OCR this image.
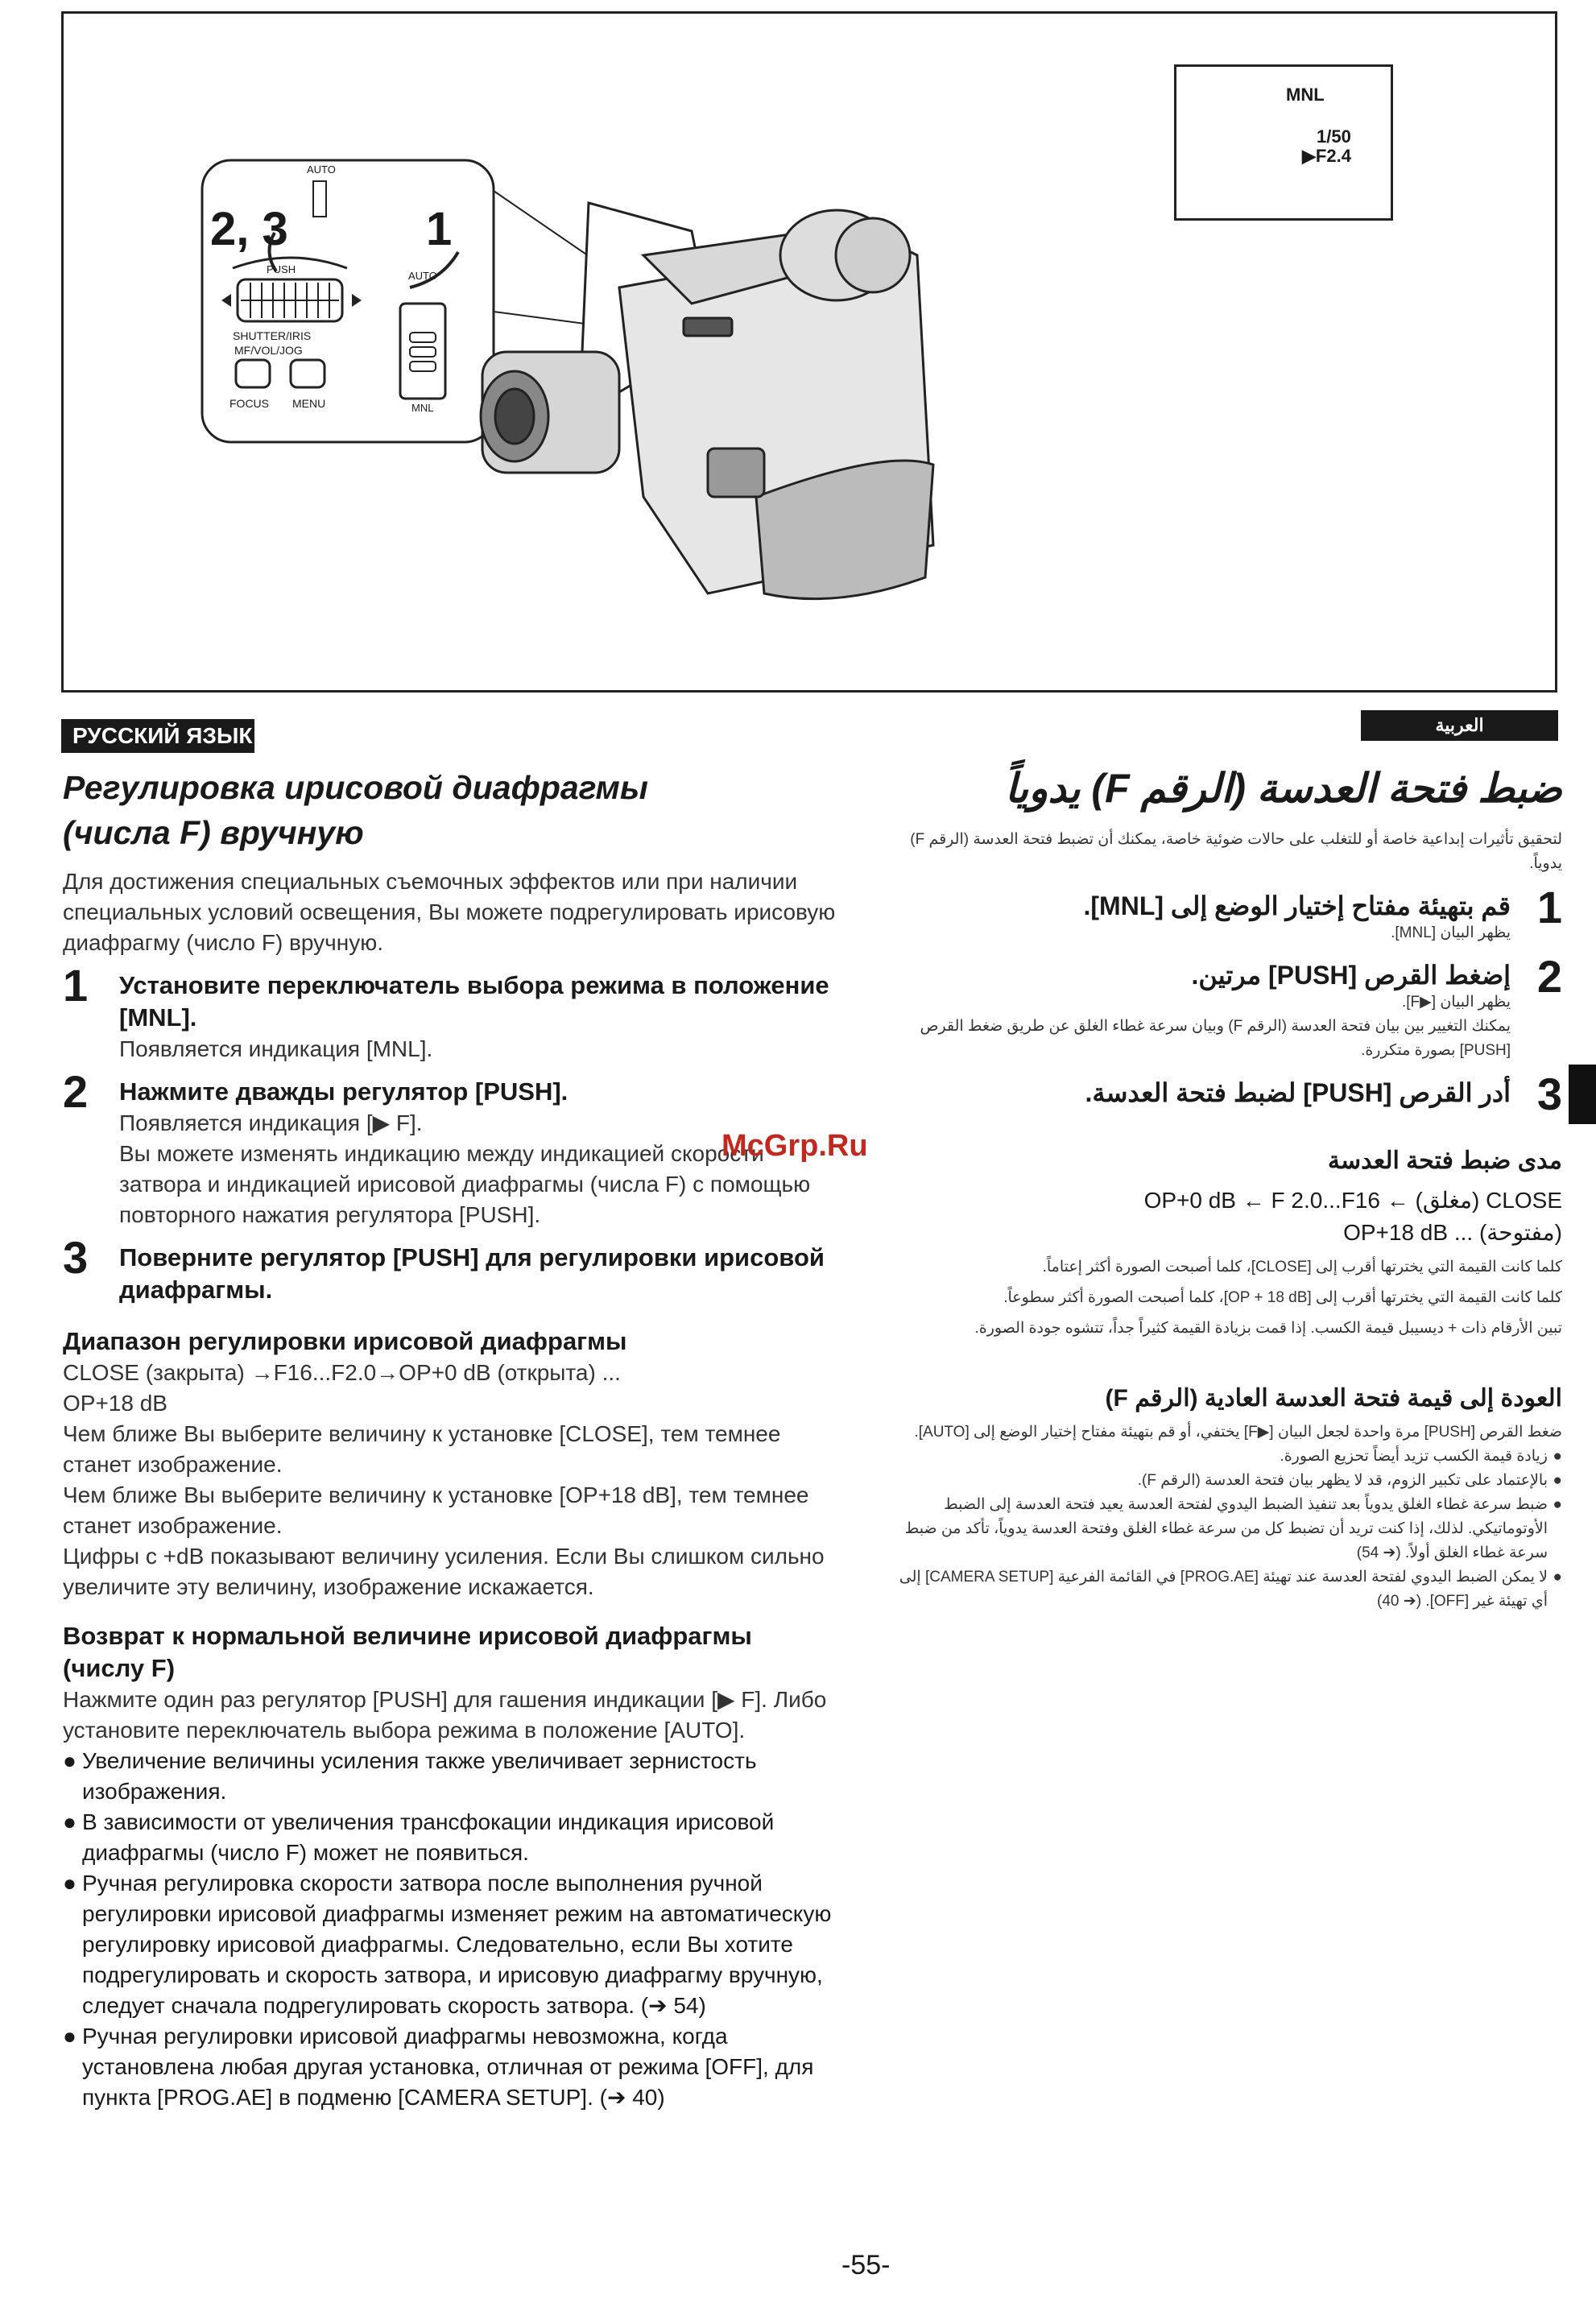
2, 3	1
AUTO
PUSH
AUTO
SHUTTER/IRIS
MF/VOL/JOG
FOCUS MENU	MNL
MNL
1/50
▶F2.4
РУССКИЙ ЯЗЫК	العربية
Регулировка ирисовой диафрагмы
(числа F) вручную
Для достижения специальных съемочных эффектов или при наличии специальных условий освещения, Вы можете подрегулировать ирисовую диафрагму (число F) вручную.
1 Установите переключатель выбора режима в положение [MNL].
Появляется индикация [MNL].
2 Нажмите дважды регулятор [PUSH].
Появляется индикация [▶ F].
Вы можете изменять индикацию между индикацией скорости затвора и индикацией ирисовой диафрагмы (числа F) с помощью повторного нажатия регулятора [PUSH].
3 Поверните регулятор [PUSH] для регулировки ирисовой диафрагмы.
Диапазон регулировки ирисовой диафрагмы
CLOSE (закрыта) →F16...F2.0→OP+0 dB (открыта) ...
OP+18 dB
Чем ближе Вы выберите величину к установке [CLOSE], тем темнее станет изображение.
Чем ближе Вы выберите величину к установке [OP+18 dB], тем темнее станет изображение.
Цифры с +dB показывают величину усиления. Если Вы слишком сильно увеличите эту величину, изображение искажается.
Возврат к нормальной величине ирисовой диафрагмы (числу F)
Нажмите один раз регулятор [PUSH] для гашения индикации [▶ F]. Либо установите переключатель выбора режима в положение [AUTO].
● Увеличение величины усиления также увеличивает зернистость изображения.
● В зависимости от увеличения трансфокации индикация ирисовой диафрагмы (число F) может не появиться.
● Ручная регулировка скорости затвора после выполнения ручной регулировки ирисовой диафрагмы изменяет режим на автоматическую регулировку ирисовой диафрагмы. Следовательно, если Вы хотите подрегулировать и скорость затвора, и ирисовую диафрагму вручную, следует сначала подрегулировать скорость затвора. (➔ 54)
● Ручная регулировки ирисовой диафрагмы невозможна, когда установлена любая другая установка, отличная от режима [OFF], для пункта [PROG.AE] в подменю [CAMERA SETUP]. (➔ 40)
ضبط فتحة العدسة (الرقم F) يدوياً
لتحقيق تأثيرات إبداعية خاصة أو للتغلب على حالات ضوئية خاصة، يمكنك أن تضبط فتحة العدسة (الرقم F) يدوياً.
1
قم بتهيئة مفتاح إختيار الوضع إلى [MNL].
يظهر البيان [MNL].
2
إضغط القرص [PUSH] مرتين.
يظهر البيان [▶F].
يمكنك التغيير بين بيان فتحة العدسة (الرقم F) وبيان سرعة غطاء الغلق عن طريق ضغط القرص [PUSH] بصورة متكررة.
3
أدر القرص [PUSH] لضبط فتحة العدسة.
مدى ضبط فتحة العدسة
OP+0 dB ← F 2.0...F16 ← (مغلق) CLOSE
OP+18 dB ... (مفتوحة)
كلما كانت القيمة التي يخترتها أقرب إلى [CLOSE]، كلما أصبحت الصورة أكثر إعتاماً.
كلما كانت القيمة التي يخترتها أقرب إلى [OP + 18 dB]، كلما أصبحت الصورة أكثر سطوعاً.
تبين الأرقام ذات + ديسيبل قيمة الكسب. إذا قمت بزيادة القيمة كثيراً جداً، تتشوه جودة الصورة.
العودة إلى قيمة فتحة العدسة العادية (الرقم F)
ضغط القرص [PUSH] مرة واحدة لجعل البيان [▶F] يختفي، أو قم بتهيئة مفتاح إختيار الوضع إلى [AUTO].
●
زيادة قيمة الكسب تزيد أيضاً تحزيع الصورة.
●
بالإعتماد على تكبير الزوم، قد لا يظهر بيان فتحة العدسة (الرقم F).
●
ضبط سرعة غطاء الغلق يدوياً بعد تنفيذ الضبط اليدوي لفتحة العدسة يعيد فتحة العدسة إلى الضبط الأوتوماتيكي. لذلك، إذا كنت تريد أن تضبط كل من سرعة غطاء الغلق وفتحة العدسة يدوياً، تأكد من ضبط سرعة غطاء الغلق أولاً. (➔ 54)
●
لا يمكن الضبط اليدوي لفتحة العدسة عند تهيئة [PROG.AE] في القائمة الفرعية [CAMERA SETUP] إلى أي تهيئة غير [OFF]. (➔ 40)
McGrp.Ru
-55-
